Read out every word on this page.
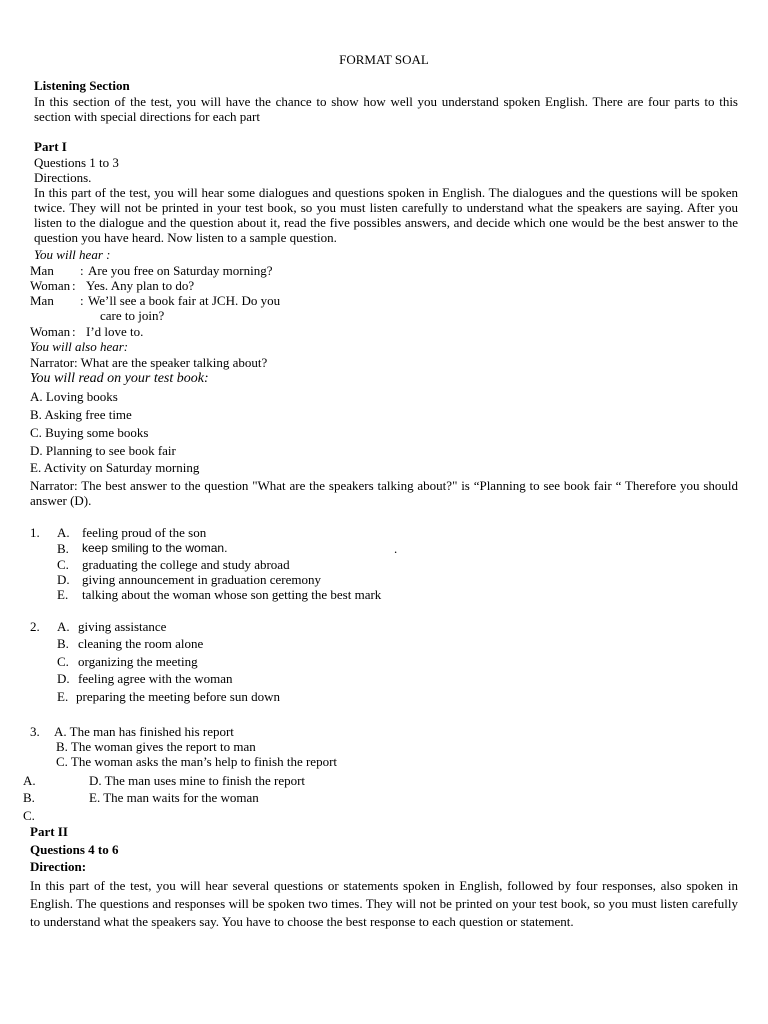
FORMAT SOAL
Listening Section
In this section of the test, you will have the chance to show how well you understand spoken English. There are four parts to this section with special directions for each part
Part I
Questions 1 to 3
Directions.
In this part of the test, you will hear some dialogues and questions spoken in English. The dialogues and the questions will be spoken twice. They will not be printed in your test book, so you must listen carefully to understand what the speakers are saying. After you listen to the dialogue and the question about it, read the five possibles answers, and decide which one would be the best answer to the question you have heard. Now listen to a sample question.
You will hear :
Man : Are you free on Saturday morning?
Woman : Yes. Any plan to do?
Man : We’ll see a book fair at JCH. Do you
care to join?
Woman : I’d love to.
You will also hear:
Narrator: What are the speaker talking about?
You will read on your test book:
A. Loving books
B. Asking free time
C. Buying some books
D. Planning to see book fair
E. Activity on Saturday morning
Narrator: The best answer to the question "What are the speakers talking about?" is “Planning to see book fair “ Therefore you should answer (D).
1. A. feeling proud of the son
B. keep smiling to the woman.	.
C. graduating the college and study abroad
D. giving announcement in graduation ceremony
E. talking about the woman whose son getting the best mark
2. A. giving assistance
B. cleaning the room alone
C. organizing the meeting
D. feeling agree with the woman
E. preparing the meeting before sun down
3. A. The man has finished his report
B. The woman gives the report to man
C. The woman asks the man’s help to finish the report
A.	D. The man uses mine to finish the report
B.	E. The man waits for the woman
C.
Part II
Questions 4 to 6
Direction:
In this part of the test, you will hear several questions or statements spoken in English, followed by four responses, also spoken in English. The questions and responses will be spoken two times. They will not be printed on your test book, so you must listen carefully to understand what the speakers say. You have to choose the best response to each question or statement.
